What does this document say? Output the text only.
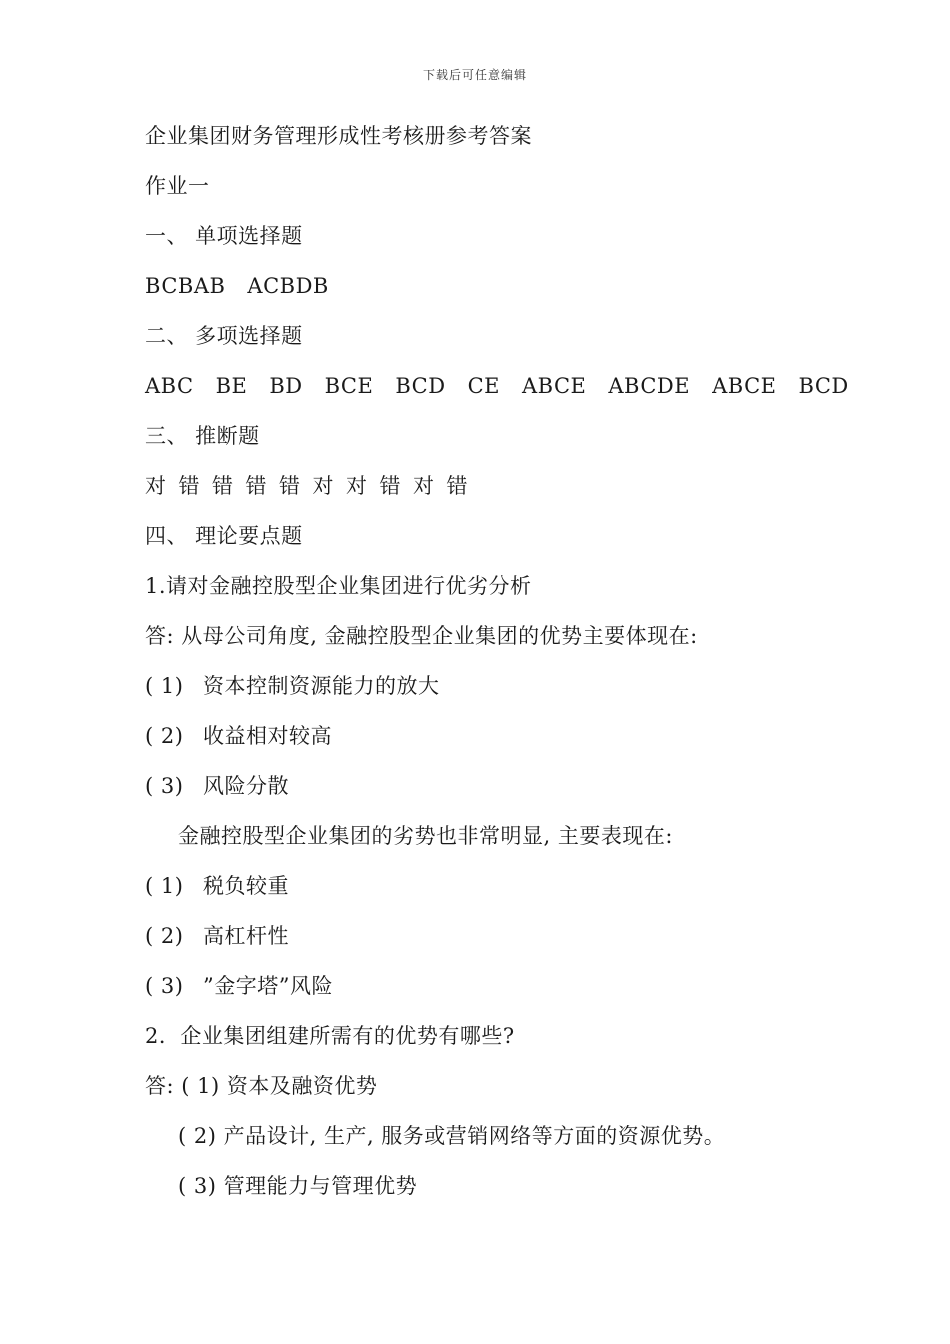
下载后可任意编辑
企业集团财务管理形成性考核册参考答案
作业一
一、 单项选择题
BCBAB ACBDB
二、 多项选择题
ABC BE BD BCE BCD CE ABCE ABCDE ABCE BCD
三、 推断题
对 错 错 错 错 对 对 错 对 错
四、 理论要点题
1.请对金融控股型企业集团进行优劣分析
答: 从母公司角度, 金融控股型企业集团的优势主要体现在:
( 1) 资本控制资源能力的放大
( 2) 收益相对较高
( 3) 风险分散
金融控股型企业集团的劣势也非常明显, 主要表现在:
( 1) 税负较重
( 2) 高杠杆性
( 3) ”金字塔”风险
2．企业集团组建所需有的优势有哪些?
答: ( 1) 资本及融资优势
( 2) 产品设计, 生产, 服务或营销网络等方面的资源优势。
( 3) 管理能力与管理优势
